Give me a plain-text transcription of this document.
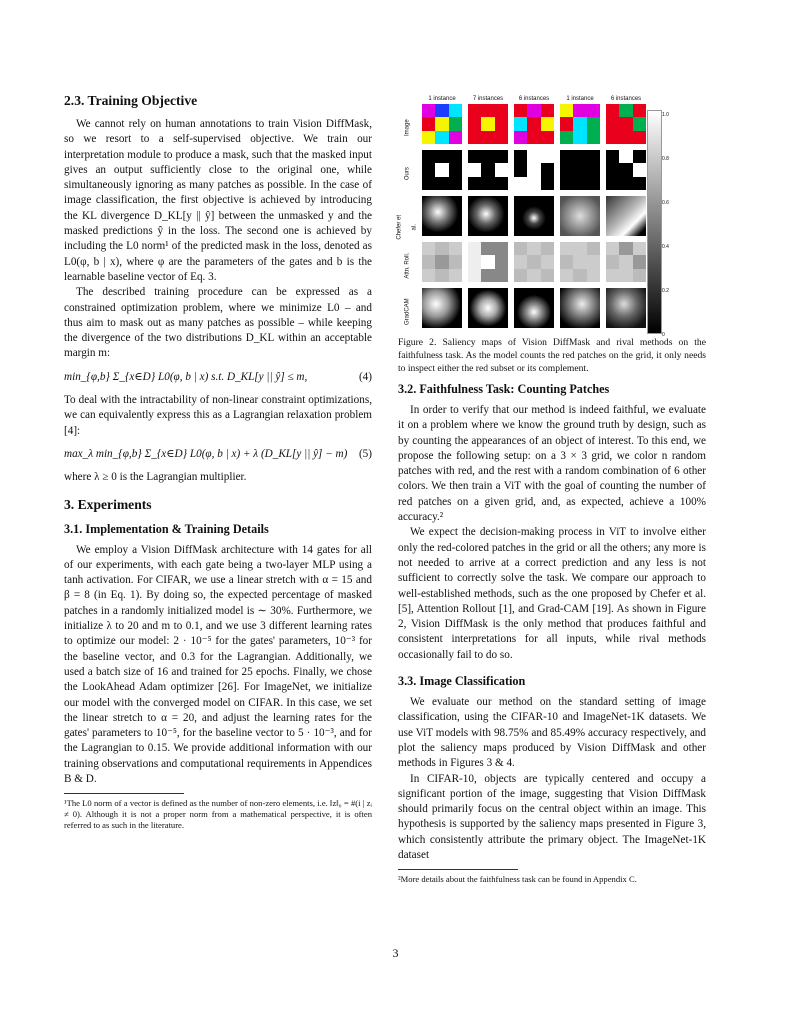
2.3. Training Objective

We cannot rely on human annotations to train Vision DiffMask, so we resort to a self-supervised objective. We train our interpretation module to produce a mask, such that the masked input gives an output sufficiently close to the original one, while simultaneously ignoring as many patches as possible. In the case of image classification, the first objective is achieved by introducing the KL divergence D_KL[y || ŷ] between the unmasked y and the masked predictions ŷ in the loss. The second one is achieved by including the L0 norm¹ of the predicted mask in the loss, denoted as L0(φ, b | x), where φ are the parameters of the gates and b is the learnable baseline vector of Eq. 3.

The described training procedure can be expressed as a constrained optimization problem, where we minimize L0 – and thus aim to mask out as many patches as possible – while keeping the divergence of the two distributions D_KL within an acceptable margin m:

min_{φ,b} Σ_{x∈D} L0(φ, b | x) s.t. D_KL[y || ŷ] ≤ m,	(4)

To deal with the intractability of non-linear constraint optimizations, we can equivalently express this as a Lagrangian relaxation problem [4]:

max_λ min_{φ,b} Σ_{x∈D} L0(φ, b | x) + λ (D_KL[y || ŷ] − m) (5)

where λ ≥ 0 is the Lagrangian multiplier.

3. Experiments
3.1. Implementation & Training Details

We employ a Vision DiffMask architecture with 14 gates for all of our experiments, with each gate being a two-layer MLP using a tanh activation. For CIFAR, we use a linear stretch with α = 15 and β = 8 (in Eq. 1). By doing so, the expected percentage of masked patches in a randomly initialized model is ∼ 30%. Furthermore, we initialize λ to 20 and m to 0.1, and we use 3 different learning rates to optimize our model: 2 · 10⁻⁵ for the gates' parameters, 10⁻³ for the baseline vector, and 0.3 for the Lagrangian. Additionally, we used a batch size of 16 and trained for 25 epochs. Finally, we chose the LookAhead Adam optimizer [26]. For ImageNet, we initialize our model with the converged model on CIFAR. In this case, we set the linear stretch to α = 20, and adjust the learning rates for the gates' parameters to 10⁻⁵, for the baseline vector to 5 · 10⁻³, and for the Lagrangian to 0.15. We provide additional information with our training observations and computational requirements in Appendices B & D.

¹The L0 norm of a vector is defined as the number of non-zero elements, i.e. ‖z‖₀ = #(i | zᵢ ≠ 0). Although it is not a proper norm from a mathematical perspective, it is often referred to as such in the literature.
1 instance	7 instances	6 instances	1 instance	6 instances
Image
Ours
Chefer et al.
Attn. Roll.
GradCAM
1.0
0.8
0.6
0.4
0.2
0
Figure 2. Saliency maps of Vision DiffMask and rival methods on the faithfulness task. As the model counts the red patches on the grid, it only needs to inspect either the red subset or its complement.
3.2. Faithfulness Task: Counting Patches

In order to verify that our method is indeed faithful, we evaluate it on a problem where we know the ground truth by design, such as by counting the appearances of an object of interest. To this end, we propose the following setup: on a 3 × 3 grid, we color n random patches with red, and the rest with a random combination of 6 other colors. We then train a ViT with the goal of counting the number of red patches on a given grid, and, as expected, achieve a 100% accuracy.²

We expect the decision-making process in ViT to involve either only the red-colored patches in the grid or all the others; any more is not needed to arrive at a correct prediction and any less is not sufficient to correctly solve the task. We compare our approach to well-established methods, such as the one proposed by Chefer et al. [5], Attention Rollout [1], and Grad-CAM [19]. As shown in Figure 2, Vision DiffMask is the only method that produces faithful and consistent interpretations for all inputs, while rival methods occasionally fail to do so.

3.3. Image Classification

We evaluate our method on the standard setting of image classification, using the CIFAR-10 and ImageNet-1K datasets. We use ViT models with 98.75% and 85.49% accuracy respectively, and plot the saliency maps produced by Vision DiffMask and other methods in Figures 3 & 4.

In CIFAR-10, objects are typically centered and occupy a significant portion of the image, suggesting that Vision DiffMask should primarily focus on the central object within an image. This hypothesis is supported by the saliency maps presented in Figure 3, which consistently attribute the primary object. The ImageNet-1K dataset

²More details about the faithfulness task can be found in Appendix C.
3
